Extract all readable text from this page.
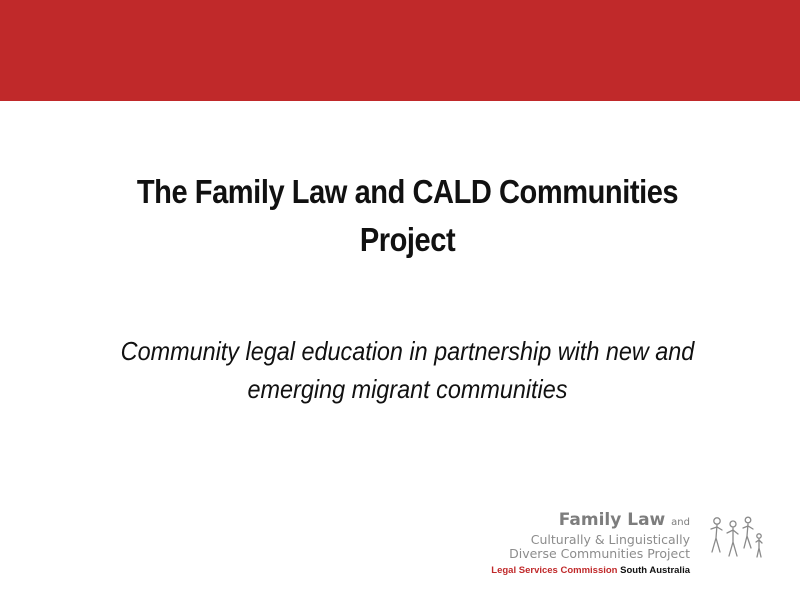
The Family Law and CALD Communities
Project
Community legal education in partnership with new and
emerging migrant communities
Family Law and
Culturally & Linguistically
Diverse Communities Project
Legal Services Commission South Australia
